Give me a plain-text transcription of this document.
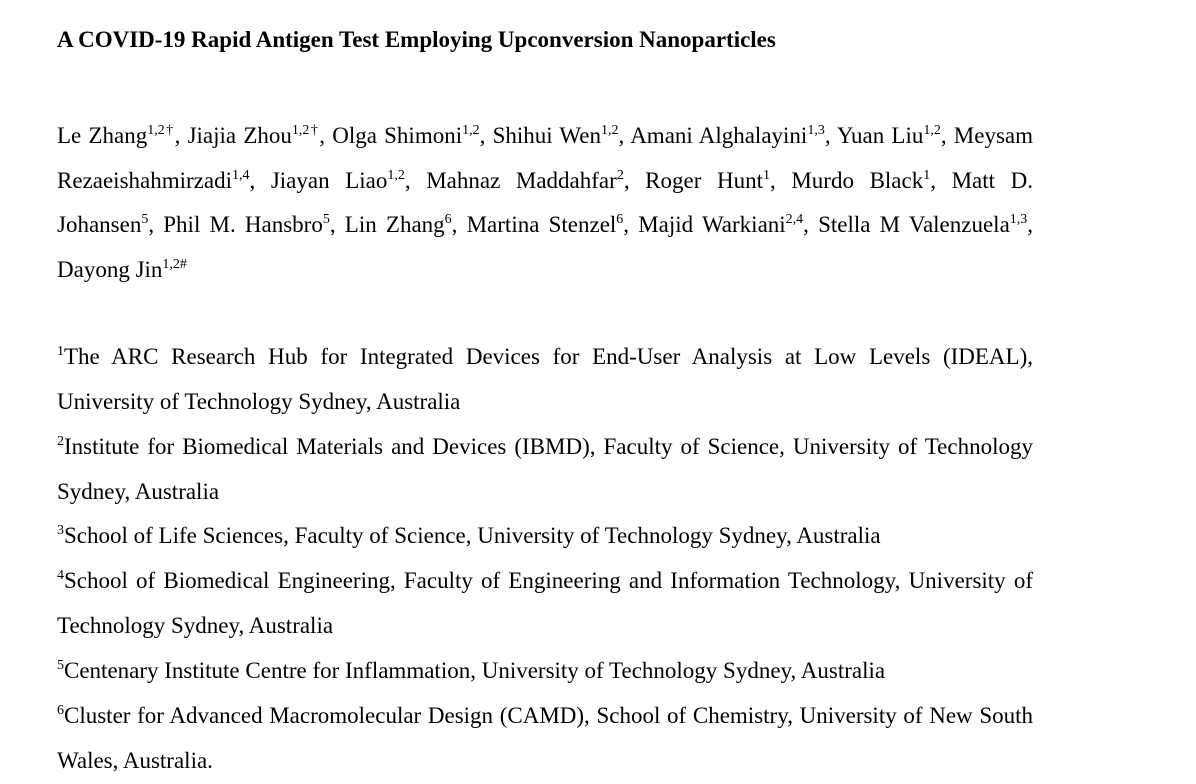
A COVID-19 Rapid Antigen Test Employing Upconversion Nanoparticles
Le Zhang$^{1,2\dagger}$, Jiajia Zhou$^{1,2\dagger}$, Olga Shimoni$^{1,2}$, Shihui Wen$^{1,2}$, Amani Alghalayini$^{1,3}$, Yuan Liu$^{1,2}$, Meysam Rezaeishahmirzadi$^{1,4}$, Jiayan Liao$^{1,2}$, Mahnaz Maddahfar$^2$, Roger Hunt$^1$, Murdo Black$^1$, Matt D. Johansen$^5$, Phil M. Hansbro$^5$, Lin Zhang$^6$, Martina Stenzel$^6$, Majid Warkiani$^{2,4}$, Stella M Valenzuela$^{1,3}$, Dayong Jin$^{1,2\#}$
$^1$The ARC Research Hub for Integrated Devices for End-User Analysis at Low Levels (IDEAL), University of Technology Sydney, Australia
$^2$Institute for Biomedical Materials and Devices (IBMD), Faculty of Science, University of Technology Sydney, Australia
$^3$School of Life Sciences, Faculty of Science, University of Technology Sydney, Australia
$^4$School of Biomedical Engineering, Faculty of Engineering and Information Technology, University of Technology Sydney, Australia
$^5$Centenary Institute Centre for Inflammation, University of Technology Sydney, Australia
$^6$Cluster for Advanced Macromolecular Design (CAMD), School of Chemistry, University of New South Wales, Australia.
